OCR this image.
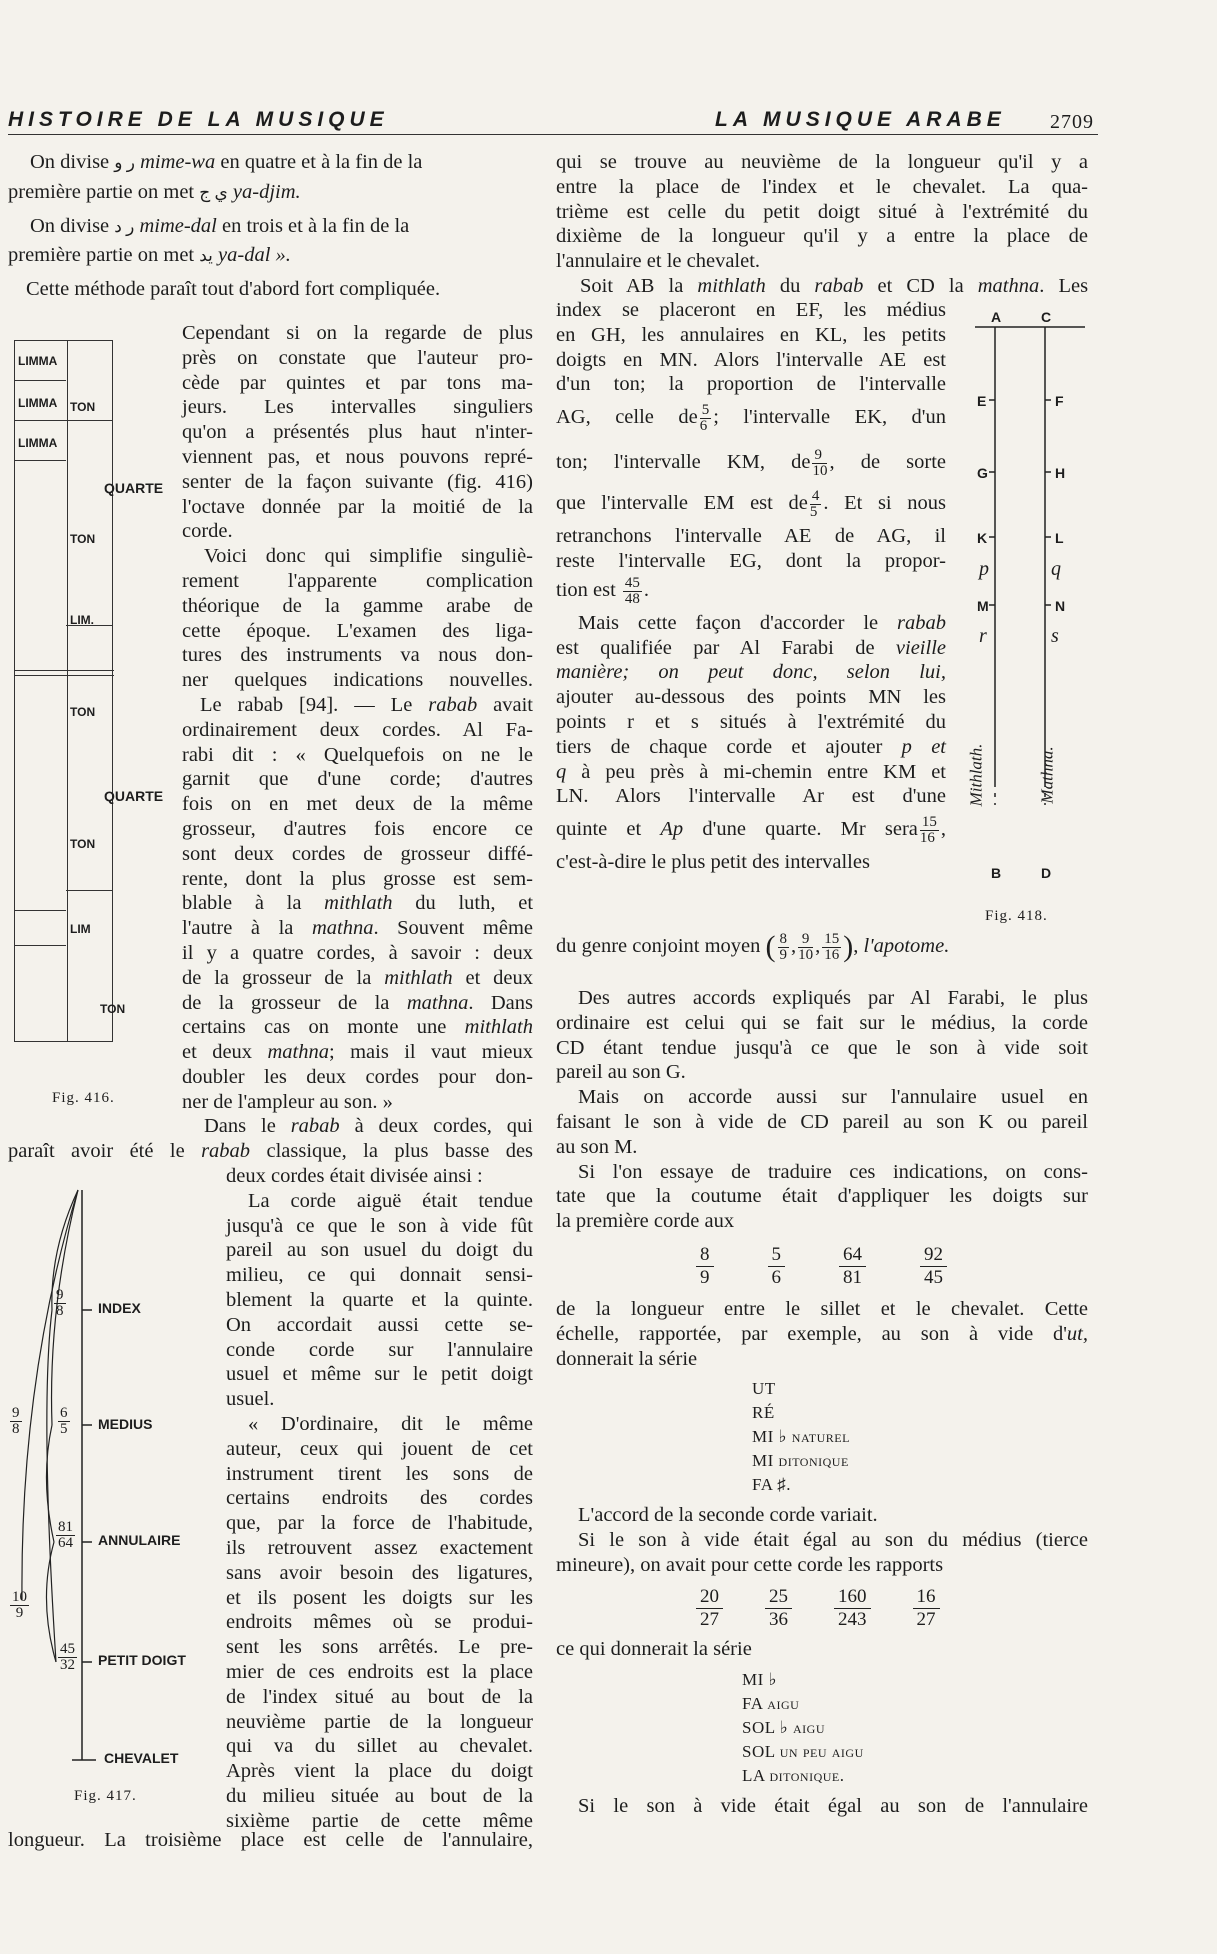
HISTOIRE DE LA MUSIQUE	LA MUSIQUE ARABE 2709
On divise ﺭ ﻭ mime-wa en quatre et à la fin de la
première partie on met ﻱ ﺝ ya-djim.
On divise ﺭ ﺩ mime-dal en trois et à la fin de la
première partie on met ﻳﺪ ya-dal ».
Cette méthode paraît tout d'abord fort compliquée.
LIMMA
LIMMA
LIMMA
TON
TON
LIM.
TON
TON
LIM
TON
QUARTE
QUARTE
Fig. 416.
Cependant si on la regarde de plus
près on constate que l'auteur pro-
cède par quintes et par tons ma-
jeurs. Les intervalles singuliers
qu'on a présentés plus haut n'inter-
viennent pas, et nous pouvons repré-
senter de la façon suivante (fig. 416)
l'octave donnée par la moitié de la
corde.
Voici donc qui simplifie singuliè-
rement l'apparente complication
théorique de la gamme arabe de
cette époque. L'examen des liga-
tures des instruments va nous don-
ner quelques indications nouvelles.
Le rabab [94]. — Le rabab avait
ordinairement deux cordes. Al Fa-
rabi dit : « Quelquefois on ne le
garnit que d'une corde; d'autres
fois on en met deux de la même
grosseur, d'autres fois encore ce
sont deux cordes de grosseur diffé-
rente, dont la plus grosse est sem-
blable à la mithlath du luth, et
l'autre à la mathna. Souvent même
il y a quatre cordes, à savoir : deux
de la grosseur de la mithlath et deux
de la grosseur de la mathna. Dans
certains cas on monte une mithlath
et deux mathna; mais il vaut mieux
doubler les deux cordes pour don-
ner de l'ampleur au son. »
Dans le rabab à deux cordes, qui
paraît avoir été le rabab classique, la plus basse des
INDEX
MEDIUS
ANNULAIRE
PETIT DOIGT
CHEVALET
$\frac{9}{8}$
$\frac{6}{5}$
$\frac{81}{64}$
$\frac{45}{32}$
$\frac{9}{8}$
$\frac{10}{9}$
Fig. 417.
deux cordes était divisée ainsi :
La corde aiguë était tendue
jusqu'à ce que le son à vide fût
pareil au son usuel du doigt du
milieu, ce qui donnait sensi-
blement la quarte et la quinte.
On accordait aussi cette se-
conde corde sur l'annulaire
usuel et même sur le petit doigt
usuel.
« D'ordinaire, dit le même
auteur, ceux qui jouent de cet
instrument tirent les sons de
certains endroits des cordes
que, par la force de l'habitude,
ils retrouvent assez exactement
sans avoir besoin des ligatures,
et ils posent les doigts sur les
endroits mêmes où se produi-
sent les sons arrêtés. Le pre-
mier de ces endroits est la place
de l'index situé au bout de la
neuvième partie de la longueur
qui va du sillet au chevalet.
Après vient la place du doigt
du milieu située au bout de la
sixième partie de cette même
longueur. La troisième place est celle de l'annulaire,
qui se trouve au neuvième de la longueur qu'il y a
entre la place de l'index et le chevalet. La qua-
trième est celle du petit doigt situé à l'extrémité du
dixième de la longueur qu'il y a entre la place de
l'annulaire et le chevalet.
Soit AB la mithlath du rabab et CD la mathna. Les
index se placeront en EF, les médius
en GH, les annulaires en KL, les petits
doigts en MN. Alors l'intervalle AE est
d'un ton; la proportion de l'intervalle
AG, celle de $\frac{5}{6}$ ; l'intervalle EK, d'un
ton; l'intervalle KM, de $\frac{9}{10}$ , de sorte
que l'intervalle EM est de $\frac{4}{5}$ . Et si nous
retranchons l'intervalle AE de AG, il
reste l'intervalle EG, dont la propor-
tion est $\frac{45}{48}$ .
Mais cette façon d'accorder le rabab
est qualifiée par Al Farabi de vieille
manière; on peut donc, selon lui,
ajouter au-dessous des points MN les
points r et s situés à l'extrémité du
tiers de chaque corde et ajouter p et
q à peu près à mi-chemin entre KM et
LN. Alors l'intervalle Ar est d'une
quinte et Ap d'une quarte. Mr sera $\frac{15}{16}$ ,
c'est-à-dire le plus petit des intervalles
du genre conjoint moyen ( $\frac{8}{9}$ , $\frac{9}{10}$ , $\frac{15}{16}$ ), l'apotome.
A	C
E	F
G	H
K	L
p	q
M	N
r	s
B	D
Mithlath.	Mathna.
Fig. 418.
Des autres accords expliqués par Al Farabi, le plus
ordinaire est celui qui se fait sur le médius, la corde
CD étant tendue jusqu'à ce que le son à vide soit
pareil au son G.
Mais on accorde aussi sur l'annulaire usuel en
faisant le son à vide de CD pareil au son K ou pareil
au son M.
Si l'on essaye de traduire ces indications, on cons-
tate que la coutume était d'appliquer les doigts sur
la première corde aux
8
9
5
6
64
81
92
45
de la longueur entre le sillet et le chevalet. Cette
échelle, rapportée, par exemple, au son à vide d'ut,
donnerait la série
UT
RÉ
MI ♭ naturel
MI ditonique
FA ♯.
L'accord de la seconde corde variait.
Si le son à vide était égal au son du médius (tierce
mineure), on avait pour cette corde les rapports
20
27
25
36
160
243
16
27
ce qui donnerait la série
MI ♭
FA aigu
SOL ♭ aigu
SOL un peu aigu
LA ditonique.
Si le son à vide était égal au son de l'annulaire
